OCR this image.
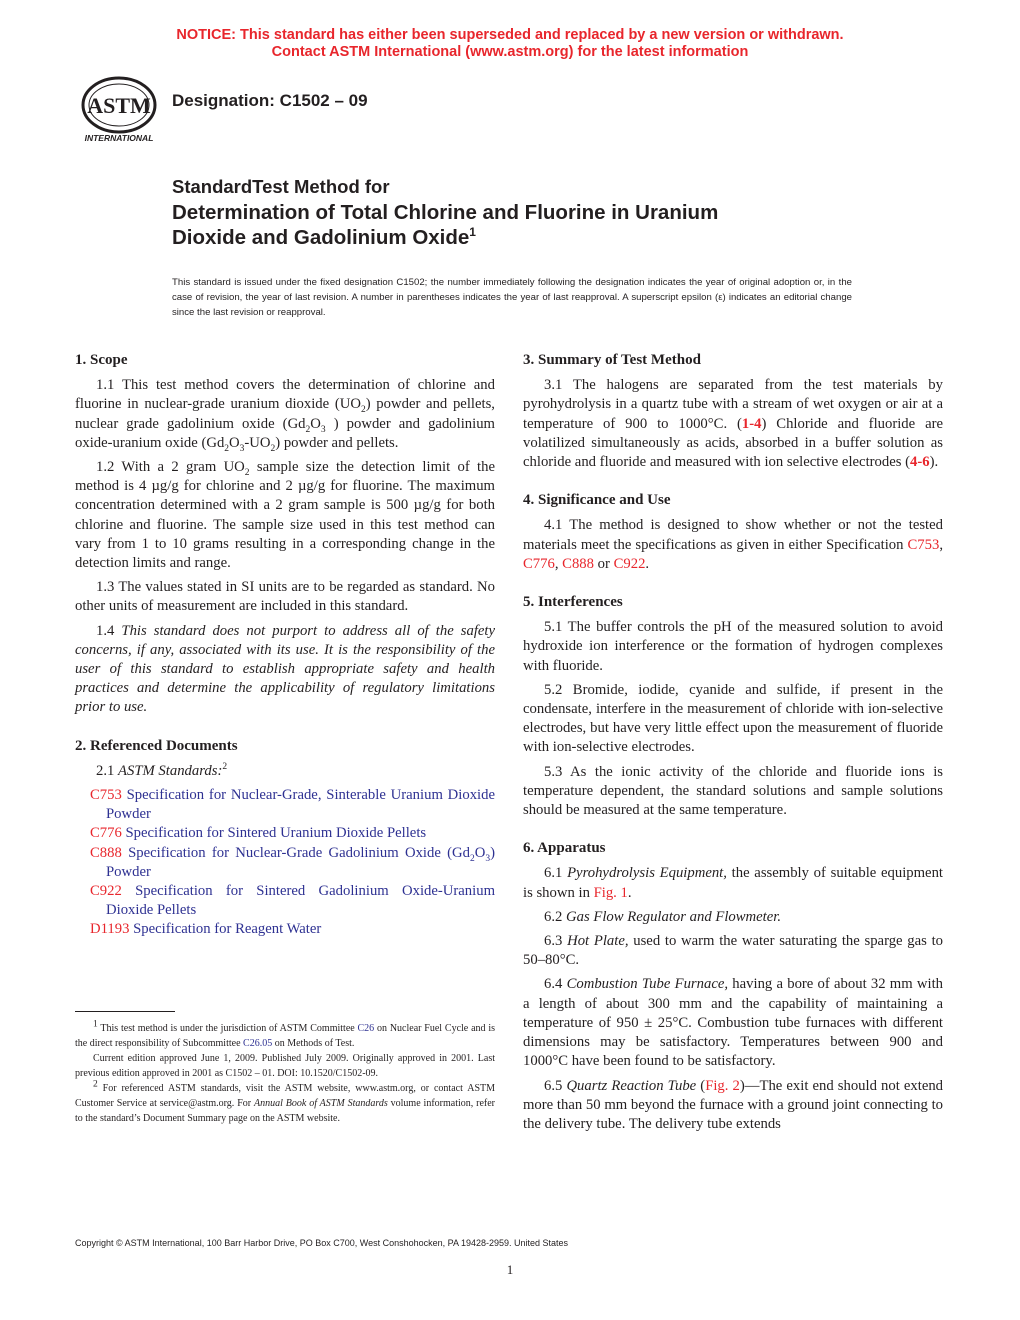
NOTICE: This standard has either been superseded and replaced by a new version or withdrawn.
Contact ASTM International (www.astm.org) for the latest information
ASTM
INTERNATIONAL
Designation: C1502 – 09
StandardTest Method for
Determination of Total Chlorine and Fluorine in Uranium
Dioxide and Gadolinium Oxide$^1$
This standard is issued under the fixed designation C1502; the number immediately following the designation indicates the year of original adoption or, in the case of revision, the year of last revision. A number in parentheses indicates the year of last reapproval. A superscript epsilon (ε) indicates an editorial change since the last revision or reapproval.
1. Scope
1.1 This test method covers the determination of chlorine and fluorine in nuclear-grade uranium dioxide $(UO_2)$ powder and pellets, nuclear grade gadolinium oxide ($Gd_2O_3$ ) powder and gadolinium oxide-uranium oxide $(Gd_2O_3-UO_2)$ powder and pellets.
1.2 With a 2 gram $UO_2$ sample size the detection limit of the method is 4 µg/g for chlorine and 2 µg/g for fluorine. The maximum concentration determined with a 2 gram sample is 500 µg/g for both chlorine and fluorine. The sample size used in this test method can vary from 1 to 10 grams resulting in a corresponding change in the detection limits and range.
1.3 The values stated in SI units are to be regarded as standard. No other units of measurement are included in this standard.
1.4 This standard does not purport to address all of the safety concerns, if any, associated with its use. It is the responsibility of the user of this standard to establish appropriate safety and health practices and determine the applicability of regulatory limitations prior to use.
2. Referenced Documents
2.1 ASTM Standards:$^2$
C753 Specification for Nuclear-Grade, Sinterable Uranium Dioxide Powder
C776 Specification for Sintered Uranium Dioxide Pellets
C888 Specification for Nuclear-Grade Gadolinium Oxide $(Gd_2O_3)$ Powder
C922 Specification for Sintered Gadolinium Oxide-Uranium Dioxide Pellets
D1193 Specification for Reagent Water
$^1$ This test method is under the jurisdiction of ASTM Committee C26 on Nuclear Fuel Cycle and is the direct responsibility of Subcommittee C26.05 on Methods of Test.
Current edition approved June 1, 2009. Published July 2009. Originally approved in 2001. Last previous edition approved in 2001 as C1502 – 01. DOI: 10.1520/C1502-09.
$^2$ For referenced ASTM standards, visit the ASTM website, www.astm.org, or contact ASTM Customer Service at service@astm.org. For Annual Book of ASTM Standards volume information, refer to the standard’s Document Summary page on the ASTM website.
3. Summary of Test Method
3.1 The halogens are separated from the test materials by pyrohydrolysis in a quartz tube with a stream of wet oxygen or air at a temperature of 900 to 1000°C. (1-4) Chloride and fluoride are volatilized simultaneously as acids, absorbed in a buffer solution as chloride and fluoride and measured with ion selective electrodes (4-6).
4. Significance and Use
4.1 The method is designed to show whether or not the tested materials meet the specifications as given in either Specification C753, C776, C888 or C922.
5. Interferences
5.1 The buffer controls the pH of the measured solution to avoid hydroxide ion interference or the formation of hydrogen complexes with fluoride.
5.2 Bromide, iodide, cyanide and sulfide, if present in the condensate, interfere in the measurement of chloride with ion-selective electrodes, but have very little effect upon the measurement of fluoride with ion-selective electrodes.
5.3 As the ionic activity of the chloride and fluoride ions is temperature dependent, the standard solutions and sample solutions should be measured at the same temperature.
6. Apparatus
6.1 Pyrohydrolysis Equipment, the assembly of suitable equipment is shown in Fig. 1.
6.2 Gas Flow Regulator and Flowmeter.
6.3 Hot Plate, used to warm the water saturating the sparge gas to 50–80°C.
6.4 Combustion Tube Furnace, having a bore of about 32 mm with a length of about 300 mm and the capability of maintaining a temperature of 950 ± 25°C. Combustion tube furnaces with different dimensions may be satisfactory. Temperatures between 900 and 1000°C have been found to be satisfactory.
6.5 Quartz Reaction Tube (Fig. 2)—The exit end should not extend more than 50 mm beyond the furnace with a ground joint connecting to the delivery tube. The delivery tube extends
Copyright © ASTM International, 100 Barr Harbor Drive, PO Box C700, West Conshohocken, PA 19428-2959. United States
1
